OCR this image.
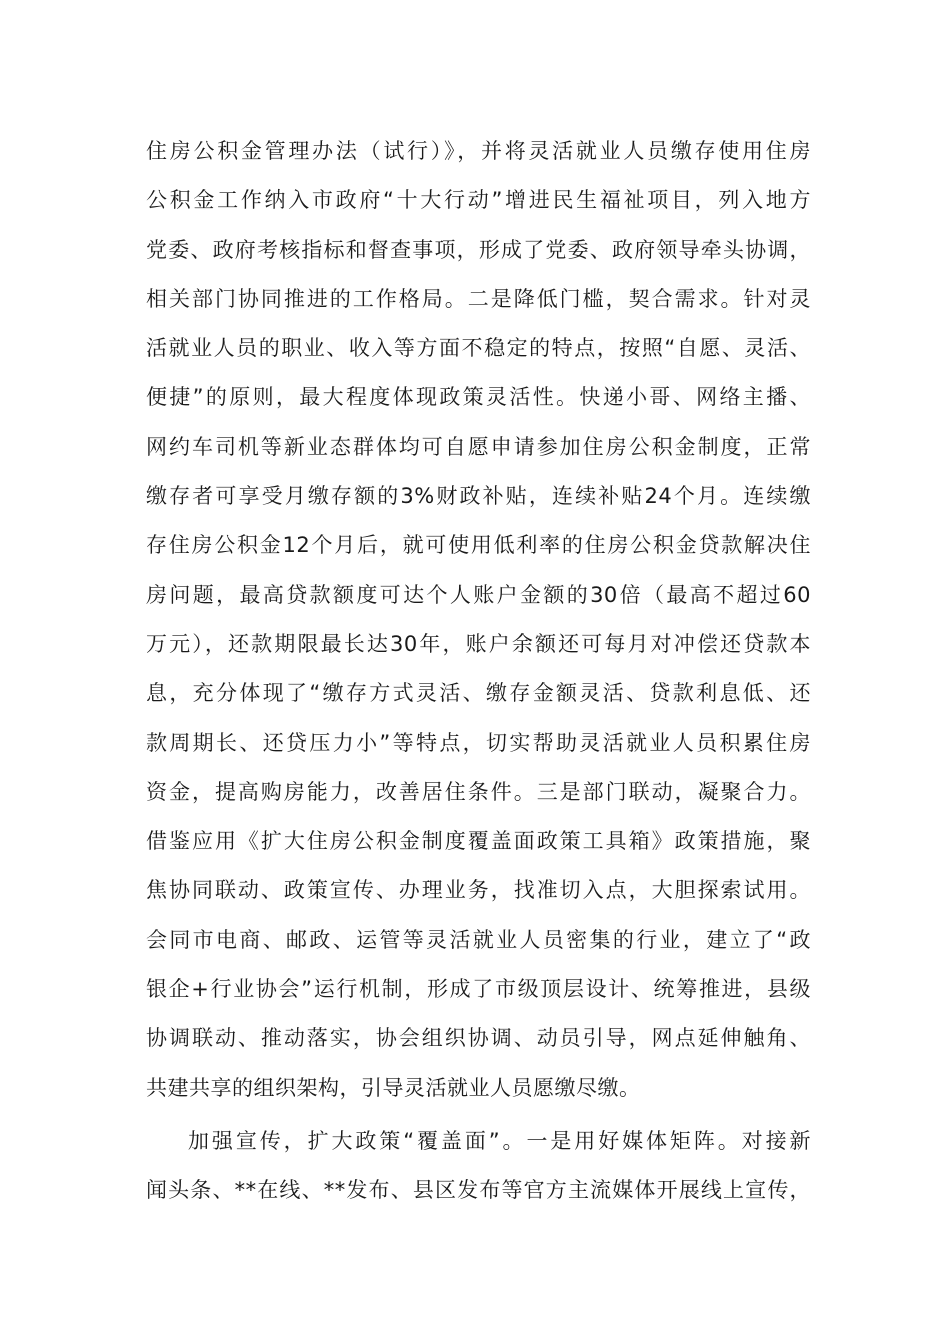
住房公积金管理办法（试行）》，并将灵活就业人员缴存使用住房
公积金工作纳入市政府“十大行动”增进民生福祉项目，列入地方
党委、政府考核指标和督查事项，形成了党委、政府领导牵头协调，
相关部门协同推进的工作格局。二是降低门槛，契合需求。针对灵
活就业人员的职业、收入等方面不稳定的特点，按照“自愿、灵活、
便捷”的原则，最大程度体现政策灵活性。快递小哥、网络主播、
网约车司机等新业态群体均可自愿申请参加住房公积金制度，正常
缴存者可享受月缴存额的3%财政补贴，连续补贴24个月。连续缴
存住房公积金12个月后，就可使用低利率的住房公积金贷款解决住
房问题，最高贷款额度可达个人账户金额的30倍（最高不超过60
万元），还款期限最长达30年，账户余额还可每月对冲偿还贷款本
息，充分体现了“缴存方式灵活、缴存金额灵活、贷款利息低、还
款周期长、还贷压力小”等特点，切实帮助灵活就业人员积累住房
资金，提高购房能力，改善居住条件。三是部门联动，凝聚合力。
借鉴应用《扩大住房公积金制度覆盖面政策工具箱》政策措施，聚
焦协同联动、政策宣传、办理业务，找准切入点，大胆探索试用。
会同市电商、邮政、运管等灵活就业人员密集的行业，建立了“政
银企+行业协会”运行机制，形成了市级顶层设计、统筹推进，县级
协调联动、推动落实，协会组织协调、动员引导，网点延伸触角、
共建共享的组织架构，引导灵活就业人员愿缴尽缴。
加强宣传，扩大政策“覆盖面”。一是用好媒体矩阵。对接新
闻头条、**在线、**发布、县区发布等官方主流媒体开展线上宣传，
